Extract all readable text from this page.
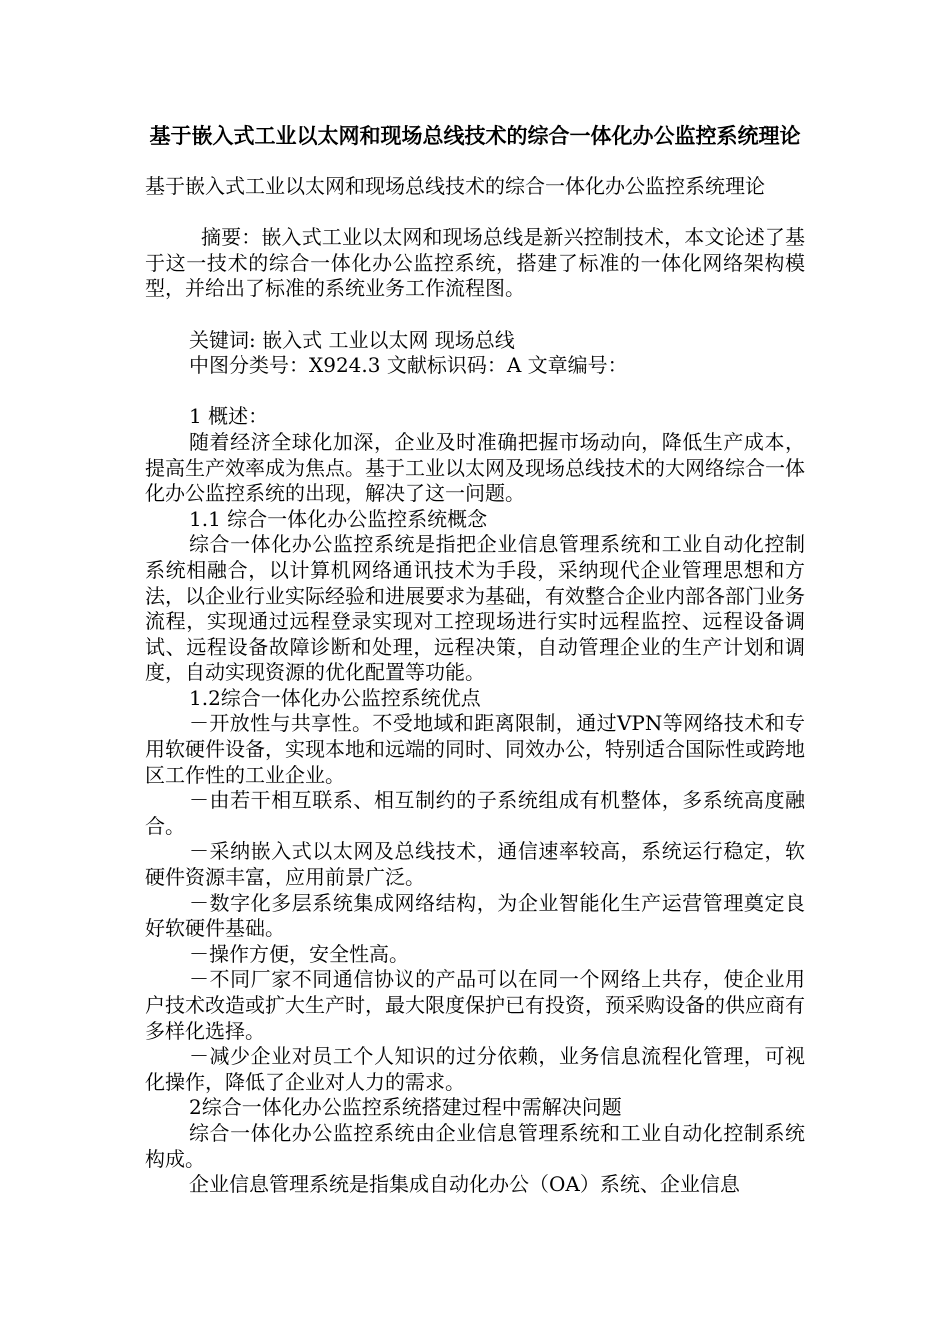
基于嵌入式工业以太网和现场总线技术的综合一体化办公监控系统理论

基于嵌入式工业以太网和现场总线技术的综合一体化办公监控系统理论

摘要：嵌入式工业以太网和现场总线是新兴控制技术，本文论述了基于这一技术的综合一体化办公监控系统，搭建了标准的一体化网络架构模型，并给出了标准的系统业务工作流程图。

关键词: 嵌入式 工业以太网 现场总线

中图分类号：X924.3 文献标识码：A 文章编号：

1 概述：

随着经济全球化加深，企业及时准确把握市场动向，降低生产成本，提高生产效率成为焦点。基于工业以太网及现场总线技术的大网络综合一体化办公监控系统的出现，解决了这一问题。

1.1 综合一体化办公监控系统概念

综合一体化办公监控系统是指把企业信息管理系统和工业自动化控制系统相融合，以计算机网络通讯技术为手段，采纳现代企业管理思想和方法，以企业行业实际经验和进展要求为基础，有效整合企业内部各部门业务流程，实现通过远程登录实现对工控现场进行实时远程监控、远程设备调试、远程设备故障诊断和处理，远程决策，自动管理企业的生产计划和调度，自动实现资源的优化配置等功能。

1.2综合一体化办公监控系统优点

－开放性与共享性。不受地域和距离限制，通过VPN等网络技术和专用软硬件设备，实现本地和远端的同时、同效办公，特别适合国际性或跨地区工作性的工业企业。

－由若干相互联系、相互制约的子系统组成有机整体，多系统高度融合。

－采纳嵌入式以太网及总线技术，通信速率较高，系统运行稳定，软硬件资源丰富，应用前景广泛。

－数字化多层系统集成网络结构，为企业智能化生产运营管理奠定良好软硬件基础。

－操作方便，安全性高。

－不同厂家不同通信协议的产品可以在同一个网络上共存，使企业用户技术改造或扩大生产时，最大限度保护已有投资，预采购设备的供应商有多样化选择。

－减少企业对员工个人知识的过分依赖，业务信息流程化管理，可视化操作，降低了企业对人力的需求。

2综合一体化办公监控系统搭建过程中需解决问题

综合一体化办公监控系统由企业信息管理系统和工业自动化控制系统构成。

企业信息管理系统是指集成自动化办公（OA）系统、企业信息
